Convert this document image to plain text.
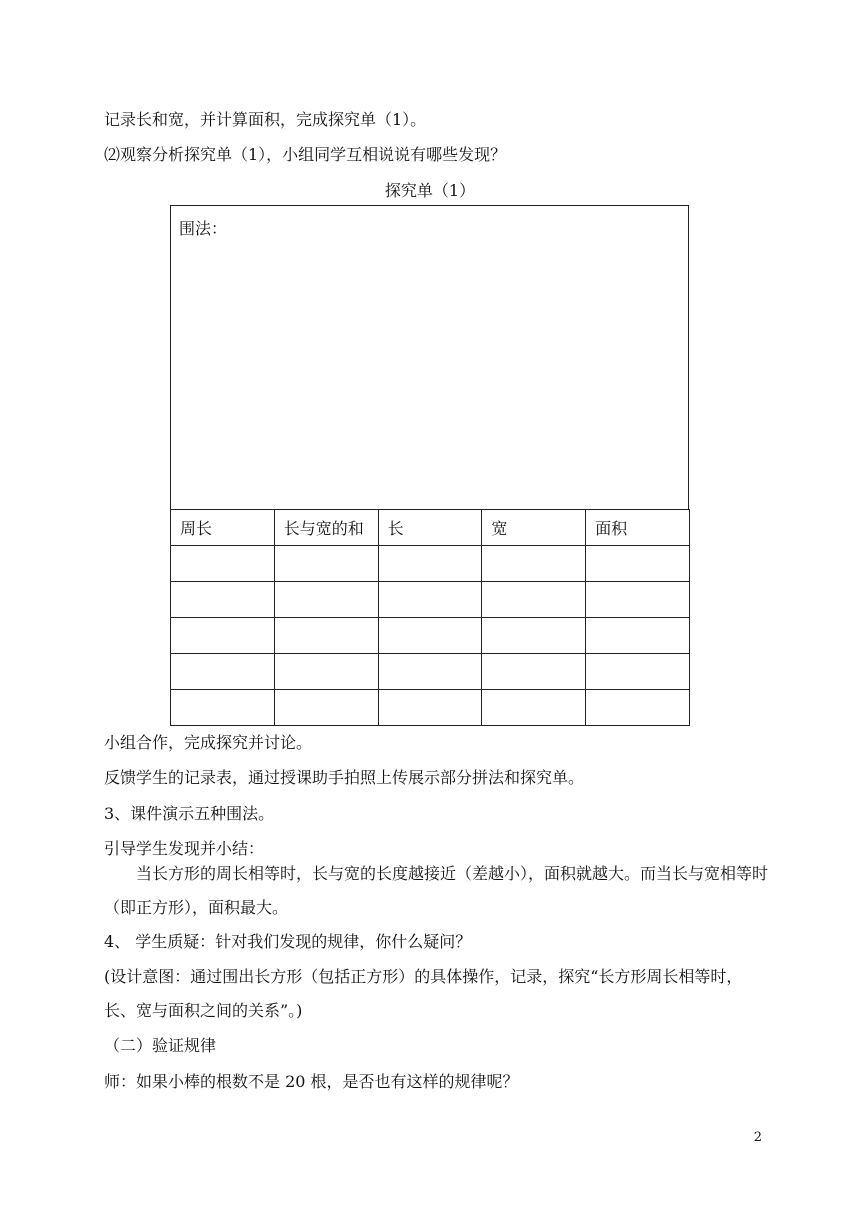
记录长和宽，并计算面积，完成探究单（1）。
⑵观察分析探究单（1），小组同学互相说说有哪些发现？
探究单（1）
围法：
周长	长与宽的和	长	宽	面积

小组合作，完成探究并讨论。
反馈学生的记录表，通过授课助手拍照上传展示部分拼法和探究单。
3、课件演示五种围法。
引导学生发现并小结：
当长方形的周长相等时，长与宽的长度越接近（差越小），面积就越大。而当长与宽相等时（即正方形），面积最大。
4、 学生质疑：针对我们发现的规律，你什么疑问？
(设计意图：通过围出长方形（包括正方形）的具体操作，记录，探究“长方形周长相等时，长、宽与面积之间的关系”。)
（二）验证规律
师：如果小棒的根数不是 20 根，是否也有这样的规律呢？
2
